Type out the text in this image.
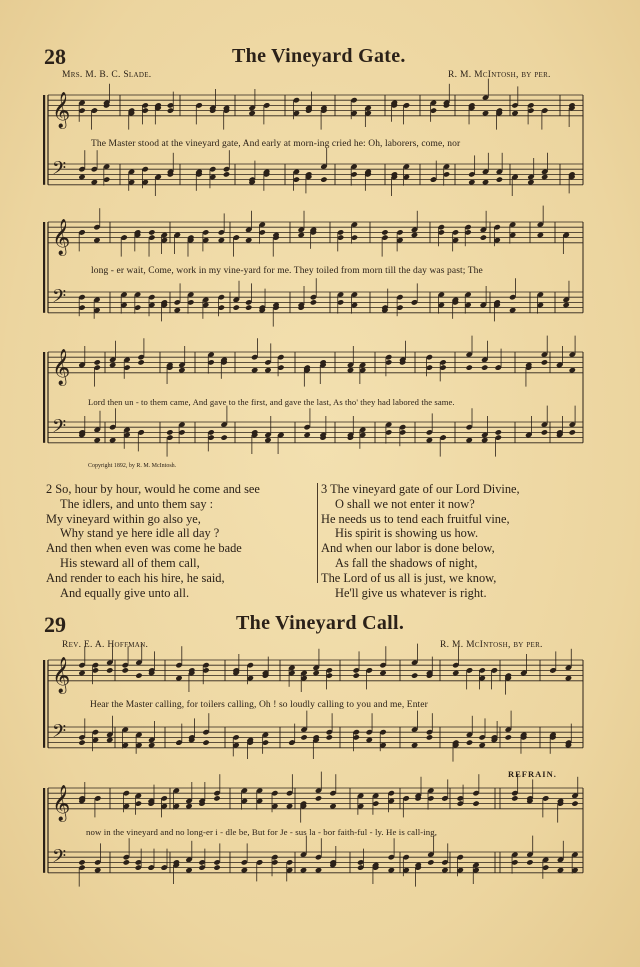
𝄞
𝄢
𝄞
𝄢
𝄞
𝄢
𝄞
𝄢
𝄞
𝄢
28	The Vineyard Gate.
Mrs. M. B. C. Slade.	R. M. McIntosh, by per.
The Master stood at the vineyard gate, And early at morn-ing cried he: Oh, laborers, come, nor
long - er wait, Come, work in my vine-yard for me. They toiled from morn till the day was past; The
Lord then un - to them came, And gave to the first, and gave the last, As tho' they had labored the same.
Copyright 1892, by R. M. McIntosh.
2 So, hour by hour, would he come and see
The idlers, and unto them say :
My vineyard within go also ye,
Why stand ye here idle all day ?
And then when even was come he bade
His steward all of them call,
And render to each his hire, he said,
And equally give unto all.
3 The vineyard gate of our Lord Divine,
O shall we not enter it now?
He needs us to tend each fruitful vine,
His spirit is showing us how.
And when our labor is done below,
As fall the shadows of night,
The Lord of us all is just, we know,
He'll give us whatever is right.
29	The Vineyard Call.
Rev. E. A. Hoffman.	R. M. McIntosh, by per.
Hear the Master calling, for toilers calling, Oh ! so loudly calling to you and me, Enter
REFRAIN.
now in the vineyard and no long-er i - dle be, But for Je - sus la - bor faith-ful - ly. He is call-ing,
